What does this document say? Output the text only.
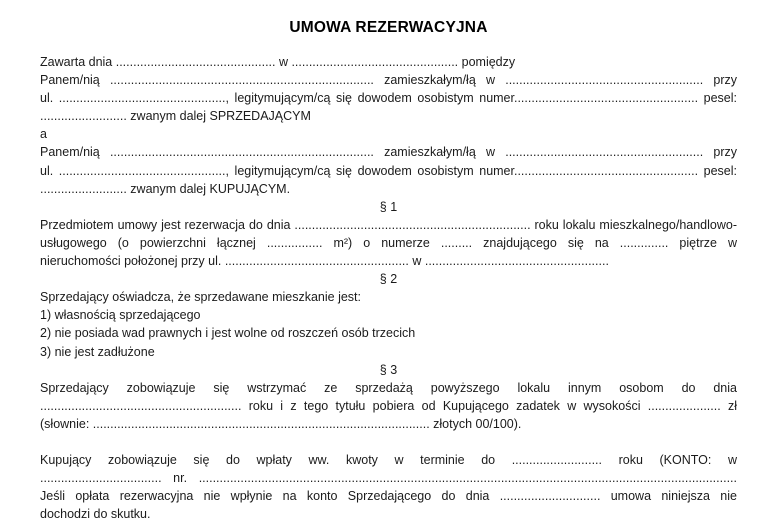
UMOWA REZERWACYJNA
Zawarta dnia .............................................. w ................................................ pomiędzy
Panem/nią ............................................................................ zamieszkałym/łą w ......................................................... przy
ul. ................................................, legitymującym/cą się dowodem osobistym numer..................................................... pesel:
......................... zwanym dalej SPRZEDAJĄCYM
a
Panem/nią ............................................................................ zamieszkałym/łą w ......................................................... przy
ul. ................................................, legitymującym/cą się dowodem osobistym numer..................................................... pesel:
......................... zwanym dalej KUPUJĄCYM.
§ 1
Przedmiotem umowy jest rezerwacja do dnia .................................................................... roku lokalu mieszkalnego/handlowo-
usługowego (o powierzchni łącznej ................ m²) o numerze ......... znajdującego się na .............. piętrze w
nieruchomości położonej przy ul. ..................................................... w .....................................................
§ 2
Sprzedający oświadcza, że sprzedawane mieszkanie jest:
1) własnością sprzedającego
2) nie posiada wad prawnych i jest wolne od roszczeń osób trzecich
3) nie jest zadłużone
§ 3
Sprzedający zobowiązuje się wstrzymać ze sprzedażą powyższego lokalu innym osobom do dnia
.......................................................... roku i z tego tytułu pobiera od Kupującego zadatek w wysokości ..................... zł
(słownie: ................................................................................................. złotych 00/100).
Kupujący zobowiązuje się do wpłaty ww. kwoty w terminie do .......................... roku (KONTO: w
................................... nr. ...........................................................................................................................................................
Jeśli opłata rezerwacyjna nie wpłynie na konto Sprzedającego do dnia ............................. umowa niniejsza nie
dochodzi do skutku.
